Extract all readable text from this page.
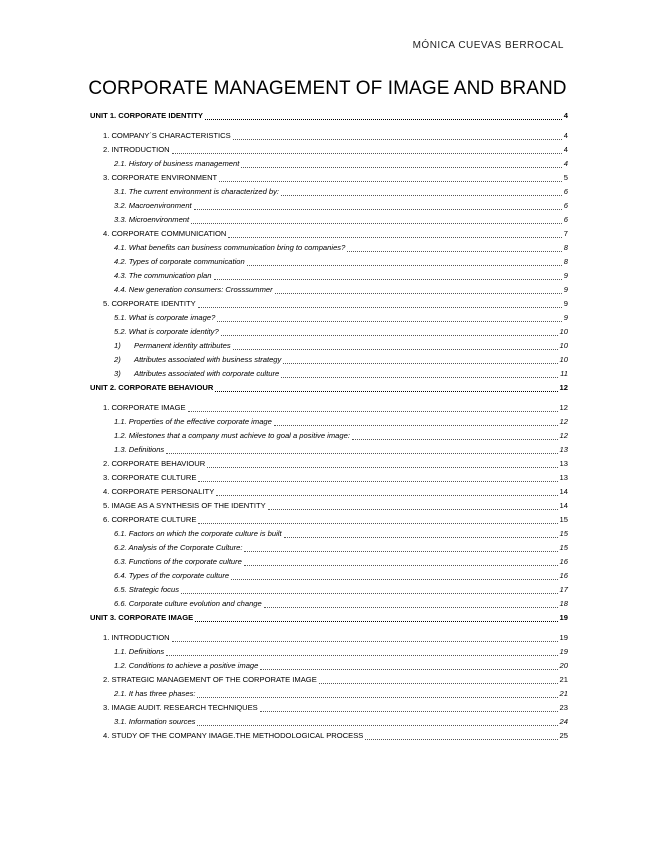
MÓNICA CUEVAS BERROCAL
CORPORATE MANAGEMENT OF IMAGE AND BRAND
UNIT 1. CORPORATE IDENTITY	4
1. COMPANY´S CHARACTERISTICS	4
2. INTRODUCTION	4
2.1. History of business management	4
3. CORPORATE ENVIRONMENT	5
3.1. The current environment is characterized by:	6
3.2. Macroenvironment	6
3.3. Microenvironment	6
4. CORPORATE COMMUNICATION	7
4.1. What benefits can business communication bring to companies?	8
4.2. Types of corporate communication	8
4.3. The communication plan	9
4.4. New generation consumers: Crosssummer	9
5. CORPORATE IDENTITY	9
5.1. What is corporate image?	9
5.2. What is corporate identity?	10
1) Permanent identity attributes	10
2) Attributes associated with business strategy	10
3) Attributes associated with corporate culture	11
UNIT 2. CORPORATE BEHAVIOUR	12
1. CORPORATE IMAGE	12
1.1. Properties of the effective corporate image	12
1.2. Milestones that a company must achieve to goal a positive image:	12
1.3. Definitions	13
2. CORPORATE BEHAVIOUR	13
3. CORPORATE CULTURE	13
4. CORPORATE PERSONALITY	14
5. IMAGE AS A SYNTHESIS OF THE IDENTITY	14
6. CORPORATE CULTURE	15
6.1. Factors on which the corporate culture is built	15
6.2. Analysis of the Corporate Culture:	15
6.3. Functions of the corporate culture	16
6.4. Types of the corporate culture	16
6.5. Strategic focus	17
6.6. Corporate culture evolution and change	18
UNIT 3. CORPORATE IMAGE	19
1. INTRODUCTION	19
1.1. Definitions	19
1.2. Conditions to achieve a positive image	20
2. STRATEGIC MANAGEMENT OF THE CORPORATE IMAGE	21
2.1. It has three phases:	21
3. IMAGE AUDIT. RESEARCH TECHNIQUES	23
3.1. Information sources	24
4. STUDY OF THE COMPANY IMAGE.THE METHODOLOGICAL PROCESS	25
